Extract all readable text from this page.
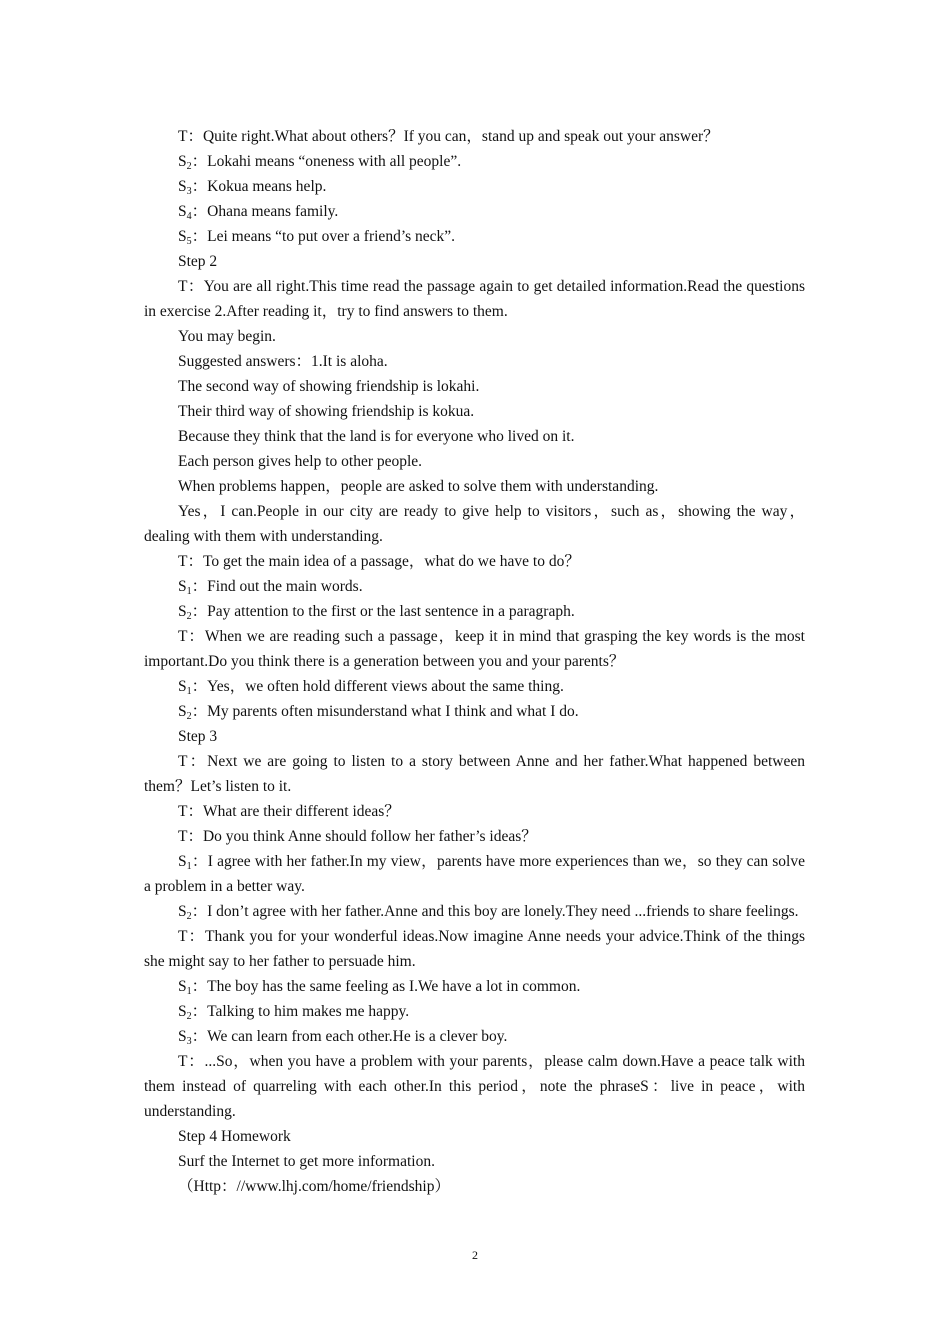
T：Quite right.What about others？If you can，stand up and speak out your answer？

$S_2$：Lokahi means “oneness with all people”.

$S_3$：Kokua means help.

$S_4$：Ohana means family.

$S_5$：Lei means “to put over a friend’s neck”.

Step 2

T：You are all right.This time read the passage again to get detailed information.Read the questions in exercise 2.After reading it，try to find answers to them.

You may begin.

Suggested answers：1.It is aloha.

The second way of showing friendship is lokahi.

Their third way of showing friendship is kokua.

Because they think that the land is for everyone who lived on it.

Each person gives help to other people.

When problems happen，people are asked to solve them with understanding.

Yes，I can.People in our city are ready to give help to visitors，such as，showing the way，dealing with them with understanding.

T：To get the main idea of a passage，what do we have to do？

$S_1$：Find out the main words.

$S_2$：Pay attention to the first or the last sentence in a paragraph.

T：When we are reading such a passage，keep it in mind that grasping the key words is the most important.Do you think there is a generation between you and your parents？

$S_1$：Yes，we often hold different views about the same thing.

$S_2$：My parents often misunderstand what I think and what I do.

Step 3

T：Next we are going to listen to a story between Anne and her father.What happened between them？Let’s listen to it.

T：What are their different ideas？

T：Do you think Anne should follow her father’s ideas？

$S_1$：I agree with her father.In my view，parents have more experiences than we，so they can solve a problem in a better way.

$S_2$：I don’t agree with her father.Anne and this boy are lonely.They need ...friends to share feelings.

T：Thank you for your wonderful ideas.Now imagine Anne needs your advice.Think of the things she might say to her father to persuade him.

$S_1$：The boy has the same feeling as I.We have a lot in common.

$S_2$：Talking to him makes me happy.

$S_3$：We can learn from each other.He is a clever boy.

T：...So，when you have a problem with your parents，please calm down.Have a peace talk with them instead of quarreling with each other.In this period，note the phraseS：live in peace，with understanding.

Step 4 Homework

Surf the Internet to get more information.

（Http：//www.lhj.com/home/friendship）

2
